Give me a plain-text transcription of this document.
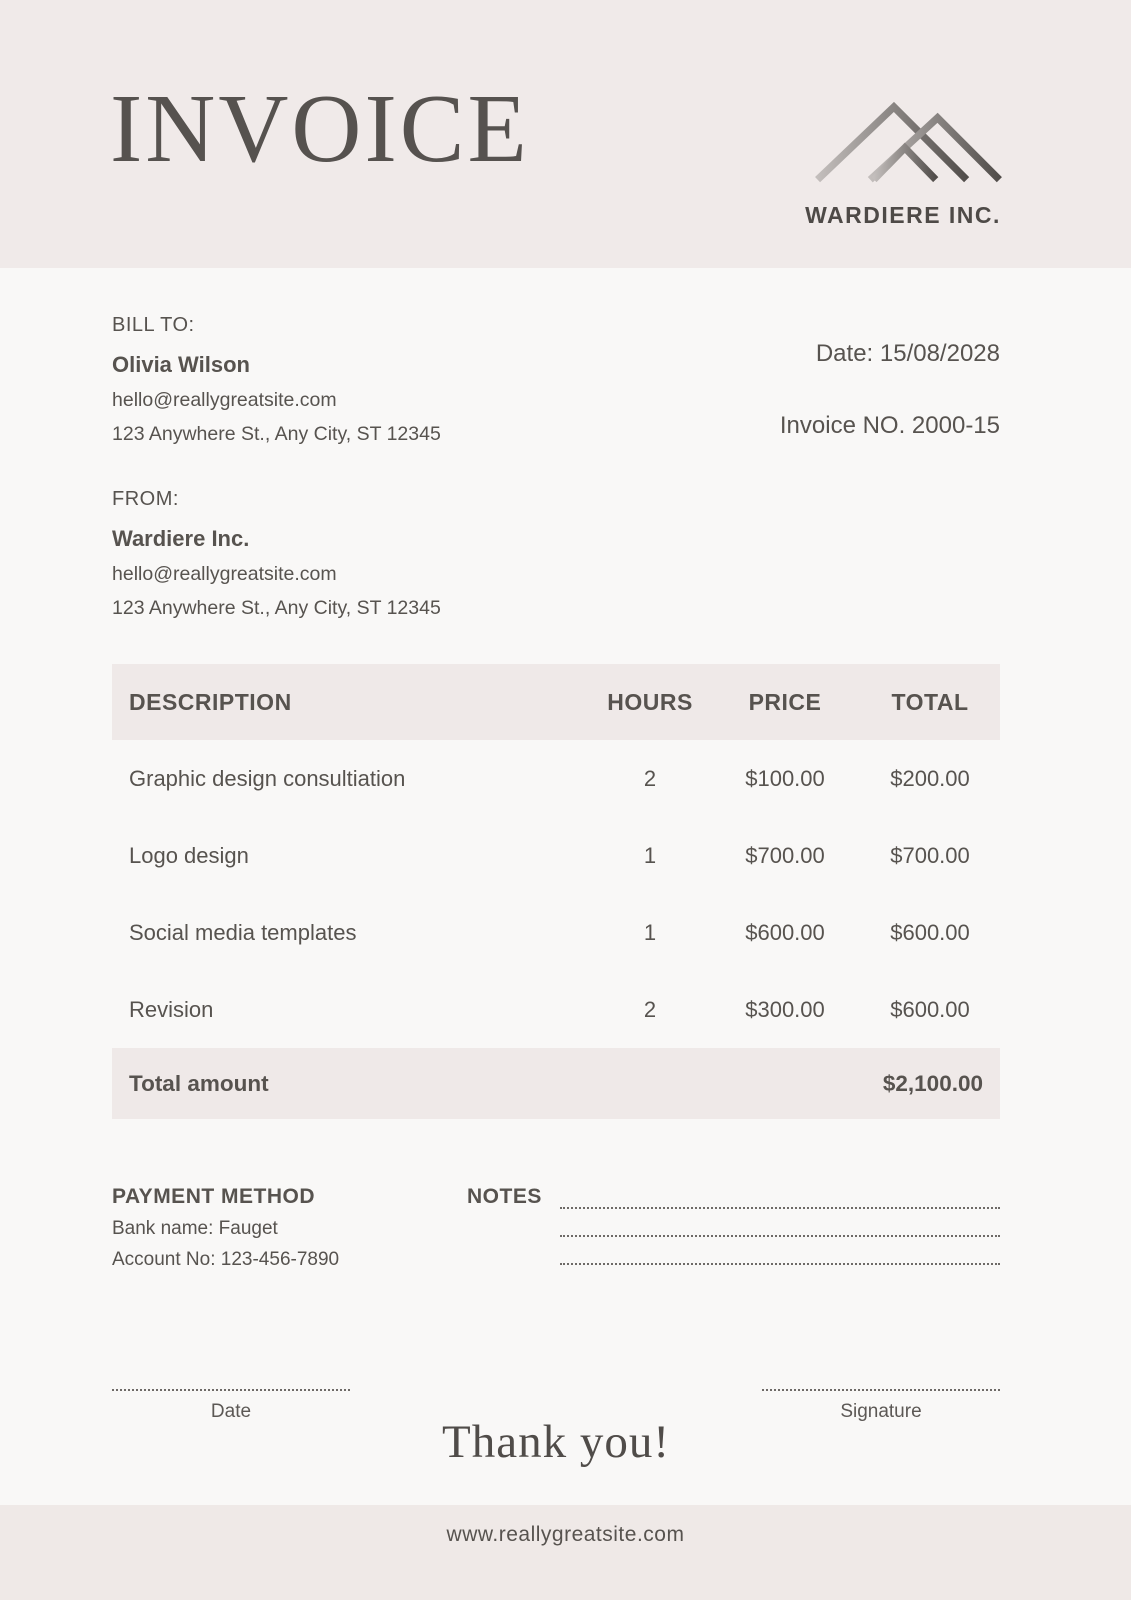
INVOICE
WARDIERE INC.
BILL TO:
Olivia Wilson
hello@reallygreatsite.com
123 Anywhere St., Any City, ST 12345
Date: 15/08/2028
Invoice NO. 2000-15
FROM:
Wardiere Inc.
hello@reallygreatsite.com
123 Anywhere St., Any City, ST 12345
DESCRIPTION	HOURS	PRICE	TOTAL
Graphic design consultiation	2	$100.00	$200.00
Logo design	1	$700.00	$700.00
Social media templates	1	$600.00	$600.00
Revision	2	$300.00	$600.00
Total amount	$2,100.00
PAYMENT METHOD
Bank name: Fauget
Account No: 123-456-7890
NOTES
Date
Thank you!
Signature
www.reallygreatsite.com
